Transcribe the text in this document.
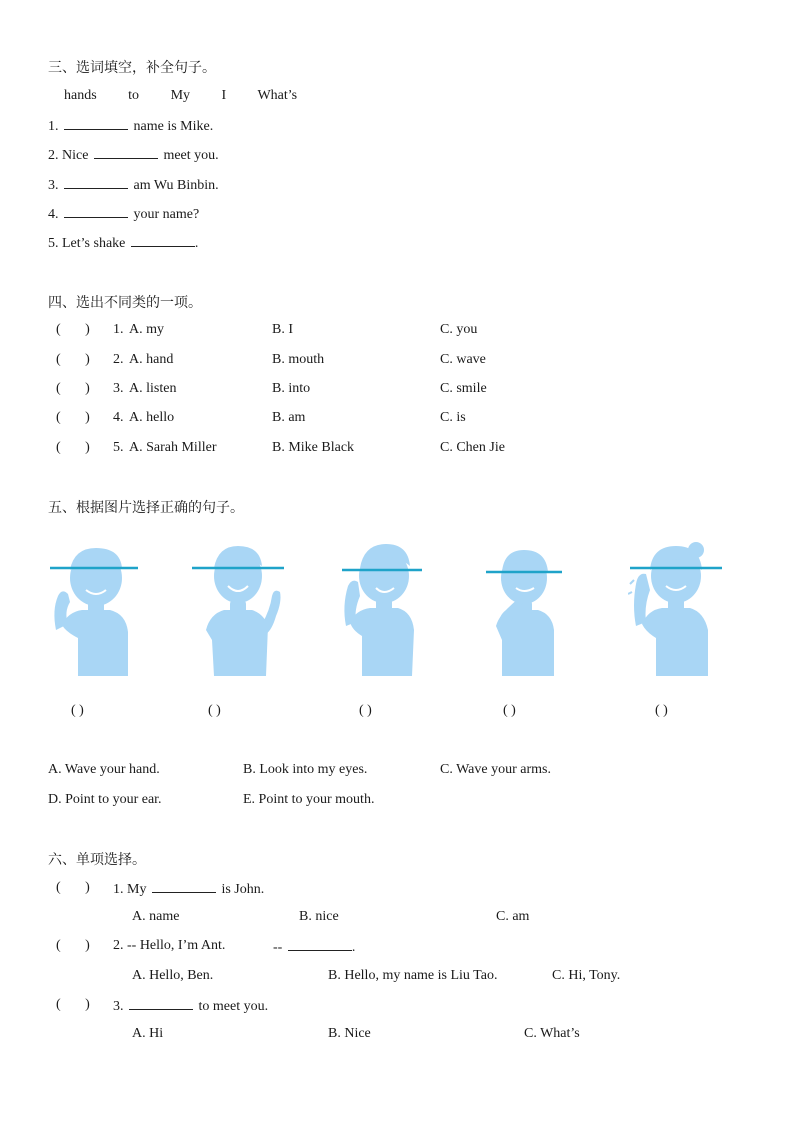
三、选词填空，补全句子。
hands to My I What’s
1.	name is Mike.
2. Nice	meet you.
3.	am Wu Binbin.
4.	your name?
5. Let’s shake	.
四、选出不同类的一项。
(       ) 1. A. my	B. I	C. you
(       ) 2. A. hand	B. mouth	C. wave
(       ) 3. A. listen	B. into	C. smile
(       ) 4. A. hello	B. am	C. is
(       ) 5. A. Sarah Miller	B. Mike Black	C. Chen Jie
五、根据图片选择正确的句子。
( )	( )	( )	( )	( )
A. Wave your hand.	B. Look into my eyes.	C. Wave your arms.
D. Point to your ear.	E. Point to your mouth.
六、单项选择。
(       ) 1. My	is John.
A. name	B. nice	C. am
(       ) 2. -- Hello, I’m Ant.	--	.
A. Hello, Ben.	B. Hello, my name is Liu Tao.	C. Hi, Tony.
(       ) 3.	to meet you.
A. Hi	B. Nice	C. What’s
